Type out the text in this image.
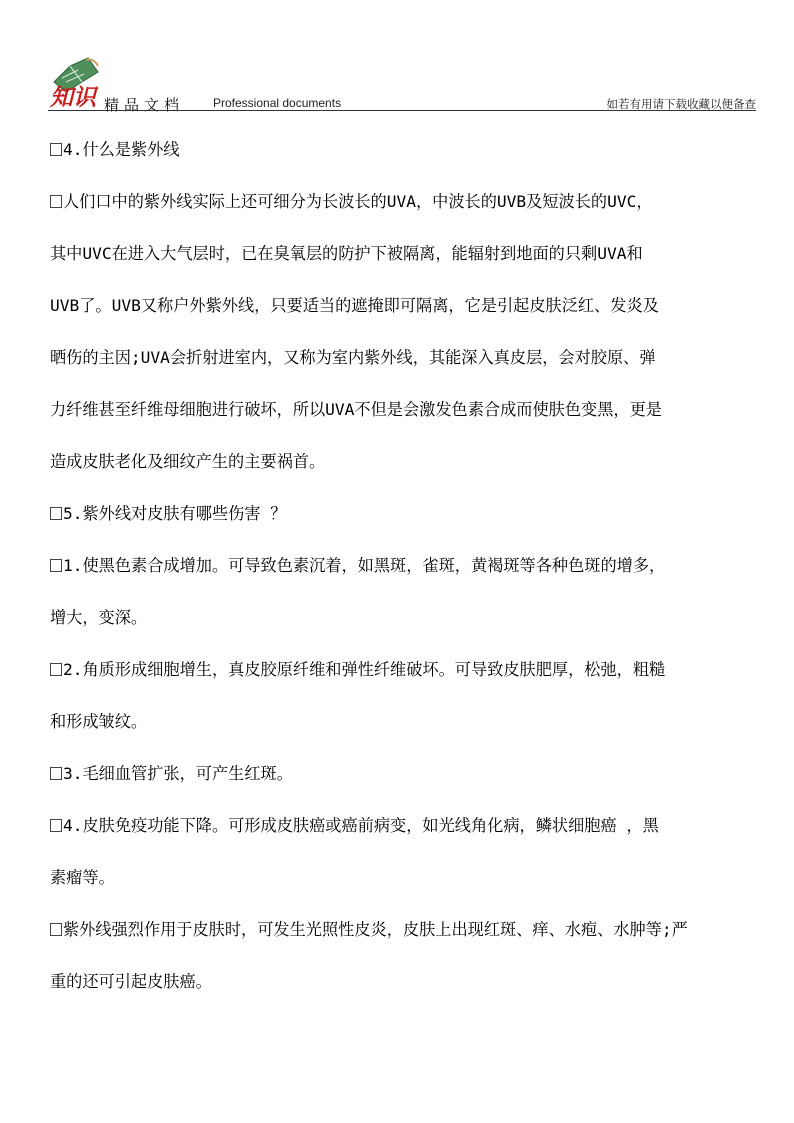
知识 精品文档 Professional documents	如若有用请下载收藏以便备查

4.什么是紫外线

人们口中的紫外线实际上还可细分为长波长的UVA，中波长的UVB及短波长的UVC，

其中UVC在进入大气层时，已在臭氧层的防护下被隔离，能辐射到地面的只剩UVA和

UVB了。UVB又称户外紫外线，只要适当的遮掩即可隔离，它是引起皮肤泛红、发炎及

晒伤的主因;UVA会折射进室内，又称为室内紫外线，其能深入真皮层，会对胶原、弹

力纤维甚至纤维母细胞进行破坏，所以UVA不但是会激发色素合成而使肤色变黑，更是

造成皮肤老化及细纹产生的主要祸首。

5.紫外线对皮肤有哪些伤害 ？

1.使黑色素合成增加。可导致色素沉着，如黑斑，雀斑，黄褐斑等各种色斑的增多，

增大，变深。

2.角质形成细胞增生，真皮胶原纤维和弹性纤维破坏。可导致皮肤肥厚，松弛，粗糙

和形成皱纹。

3.毛细血管扩张，可产生红斑。

4.皮肤免疫功能下降。可形成皮肤癌或癌前病变，如光线角化病，鳞状细胞癌 ，黑

素瘤等。

紫外线强烈作用于皮肤时，可发生光照性皮炎，皮肤上出现红斑、痒、水疱、水肿等;严

重的还可引起皮肤癌。
